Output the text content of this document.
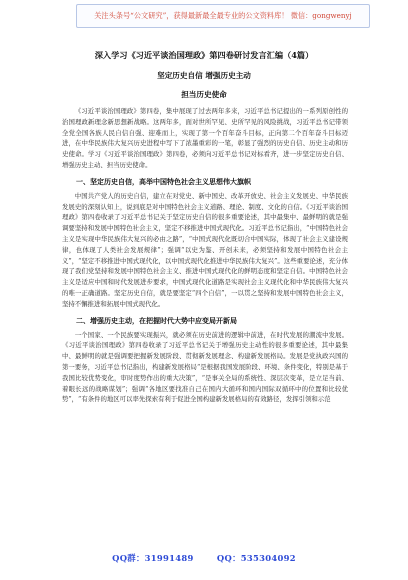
关注头条号“公文研究”，获得最新最全最专业的公文资料库！ 微信：gongwenyj
深入学习《习近平谈治国理政》第四卷研讨发言汇编（4篇）
坚定历史自信 增强历史主动
担当历史使命

《习近平谈治国理政》第四卷，集中展现了过去两年多来，习近平总书记提出的一系列原创性的治国理政新理念新思想新战略。这两年多，面对世所罕见、史所罕见的风险挑战，习近平总书记带领全党全国各族人民自信自强、迎难而上，实现了第一个百年奋斗目标，正向第二个百年奋斗目标迈进，在中华民族伟大复兴历史进程中写下了浓墨重彩的一笔，彰显了强烈的历史自信、历史主动和历史使命。学习《习近平谈治国理政》第四卷，必须向习近平总书记对标看齐，进一步坚定历史自信、增强历史主动、担当历史使命。

一、坚定历史自信，高举中国特色社会主义思想伟大旗帜

中国共产党人的历史自信，建立在对党史、新中国史、改革开放史、社会主义发展史、中华民族发展史的深刻认知上，说到底是对中国特色社会主义道路、理论、制度、文化的自信。《习近平谈治国理政》第四卷收录了习近平总书记关于坚定历史自信的很多重要论述，其中最集中、最鲜明的就是强调要坚持和发展中国特色社会主义，坚定不移推进中国式现代化。习近平总书记指出，“中国特色社会主义是实现中华民族伟大复兴的必由之路”，“中国式现代化既切合中国实际，体现了社会主义建设规律，也体现了人类社会发展规律”；强调“以史为鉴、开创未来，必须坚持和发展中国特色社会主义”，“坚定不移推进中国式现代化，以中国式现代化推进中华民族伟大复兴”。这些重要论述，充分体现了我们党坚持和发展中国特色社会主义、推进中国式现代化的鲜明态度和坚定自信。中国特色社会主义是适应中国和时代发展进步要求，中国式现代化道路是实现社会主义现代化和中华民族伟大复兴的唯一正确道路。坚定历史自信，就是要坚定“四个自信”，一以贯之坚持和发展中国特色社会主义，坚持不懈推进和拓展中国式现代化。

二、增强历史主动，在把握时代大势中应变局开新局

一个国家、一个民族要实现振兴，就必须在历史前进的逻辑中前进，在时代发展的潮流中发展。《习近平谈治国理政》第四卷收录了习近平总书记关于增强历史主动性的很多重要论述，其中最集中、最鲜明的就是强调要把握新发展阶段、贯彻新发展理念、构建新发展格局。发展是党执政兴国的第一要务，习近平总书记指出，构建新发展格局“是根据我国发展阶段、环境、条件变化，特别是基于我国比较优势变化，审时度势作出的重大决策”，“是事关全局的系统性、深层次变革，是立足当前、着眼长远的战略谋划”；强调“各地区要找准自己在国内大循环和国内国际双循环中的位置和比较优势”，“有条件的地区可以率先探索有利于促进全国构建新发展格局的有效路径，发挥引领和示范

QQ群：31991489	QQ：535304092
